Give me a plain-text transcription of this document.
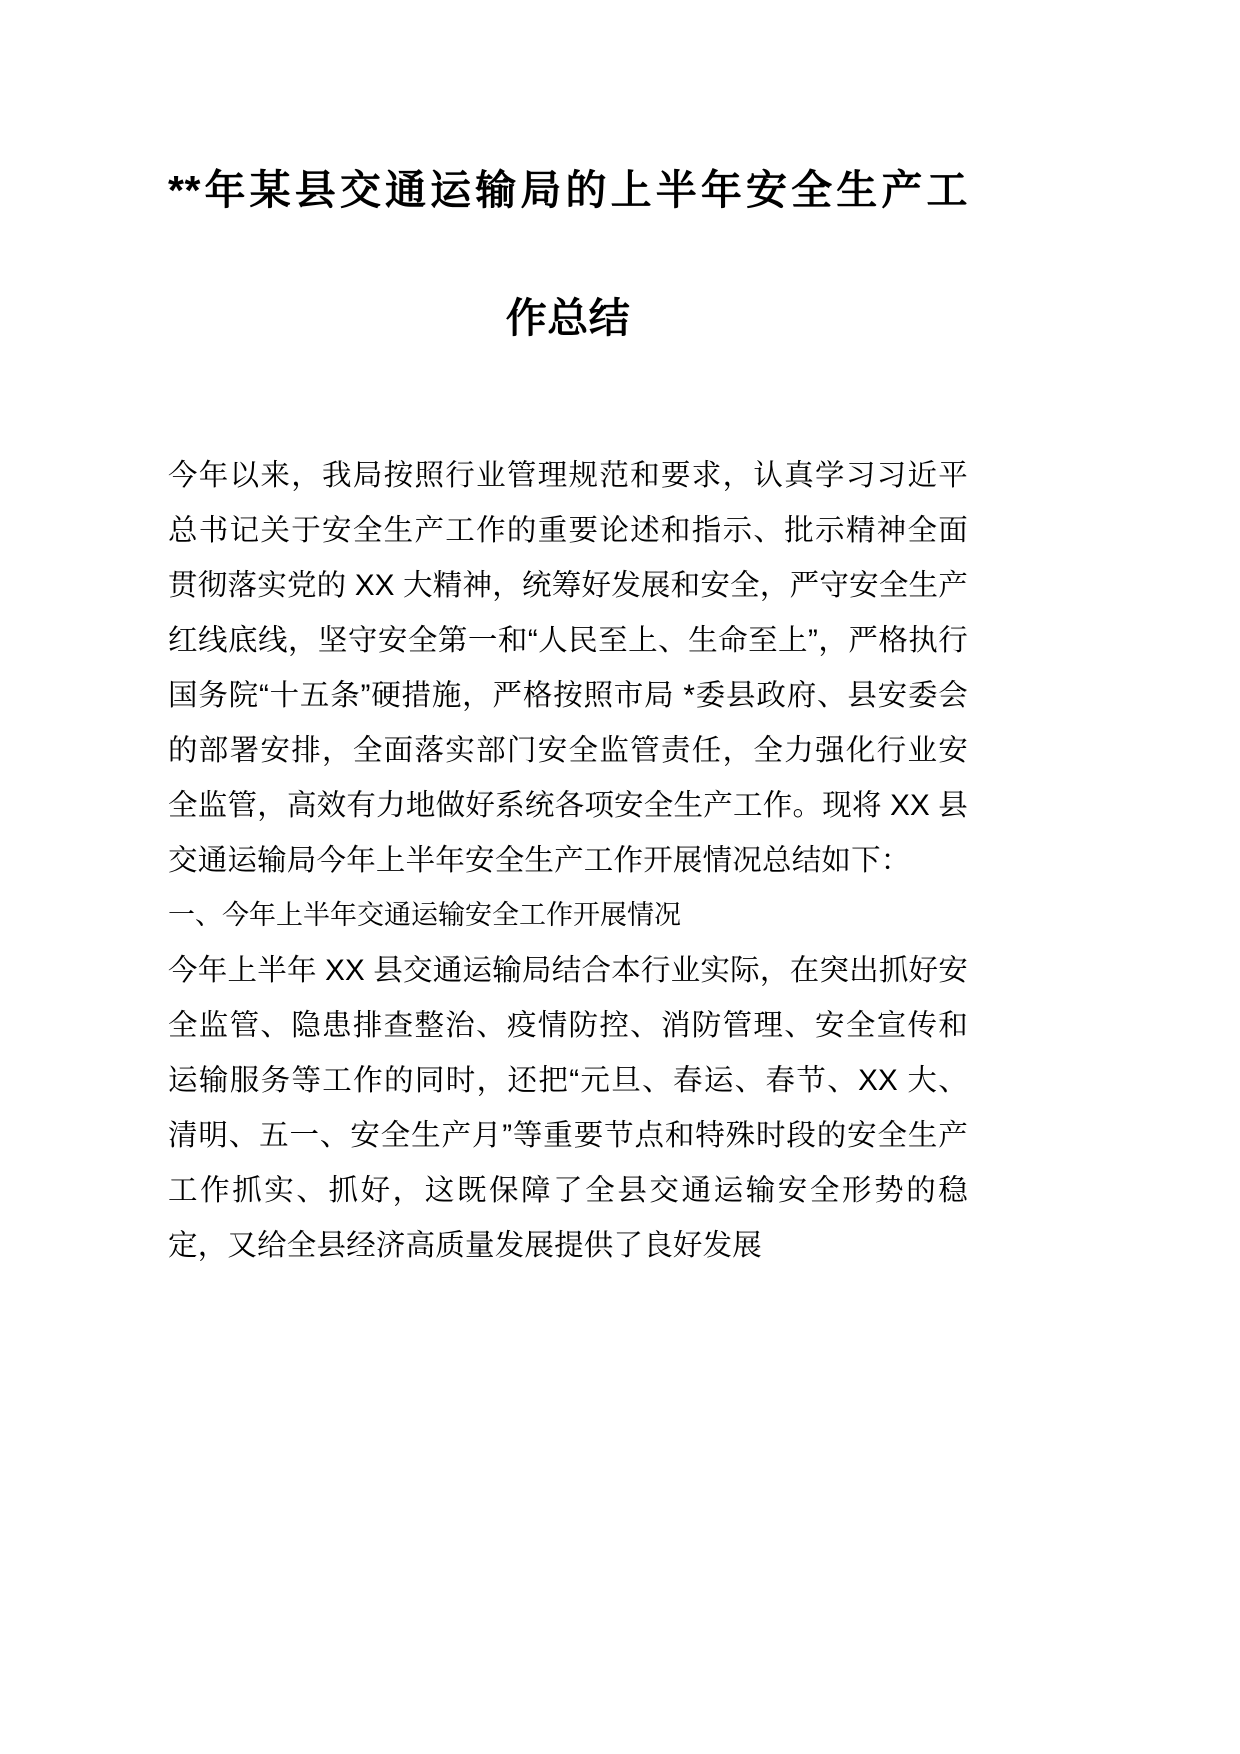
**年某县交通运输局的上半年安全生产工
作总结

今年以来，我局按照行业管理规范和要求，认真学习习近平总书记关于安全生产工作的重要论述和指示、批示精神全面贯彻落实党的 XX 大精神，统筹好发展和安全，严守安全生产红线底线，坚守安全第一和“人民至上、生命至上”，严格执行国务院“十五条”硬措施，严格按照市局 *委县政府、县安委会的部署安排，全面落实部门安全监管责任，全力强化行业安全监管，高效有力地做好系统各项安全生产工作。现将 XX 县交通运输局今年上半年安全生产工作开展情况总结如下：

一、今年上半年交通运输安全工作开展情况

今年上半年 XX 县交通运输局结合本行业实际，在突出抓好安全监管、隐患排查整治、疫情防控、消防管理、安全宣传和运输服务等工作的同时，还把“元旦、春运、春节、XX 大、清明、五一、安全生产月”等重要节点和特殊时段的安全生产工作抓实、抓好，这既保障了全县交通运输安全形势的稳定，又给全县经济高质量发展提供了良好发展
